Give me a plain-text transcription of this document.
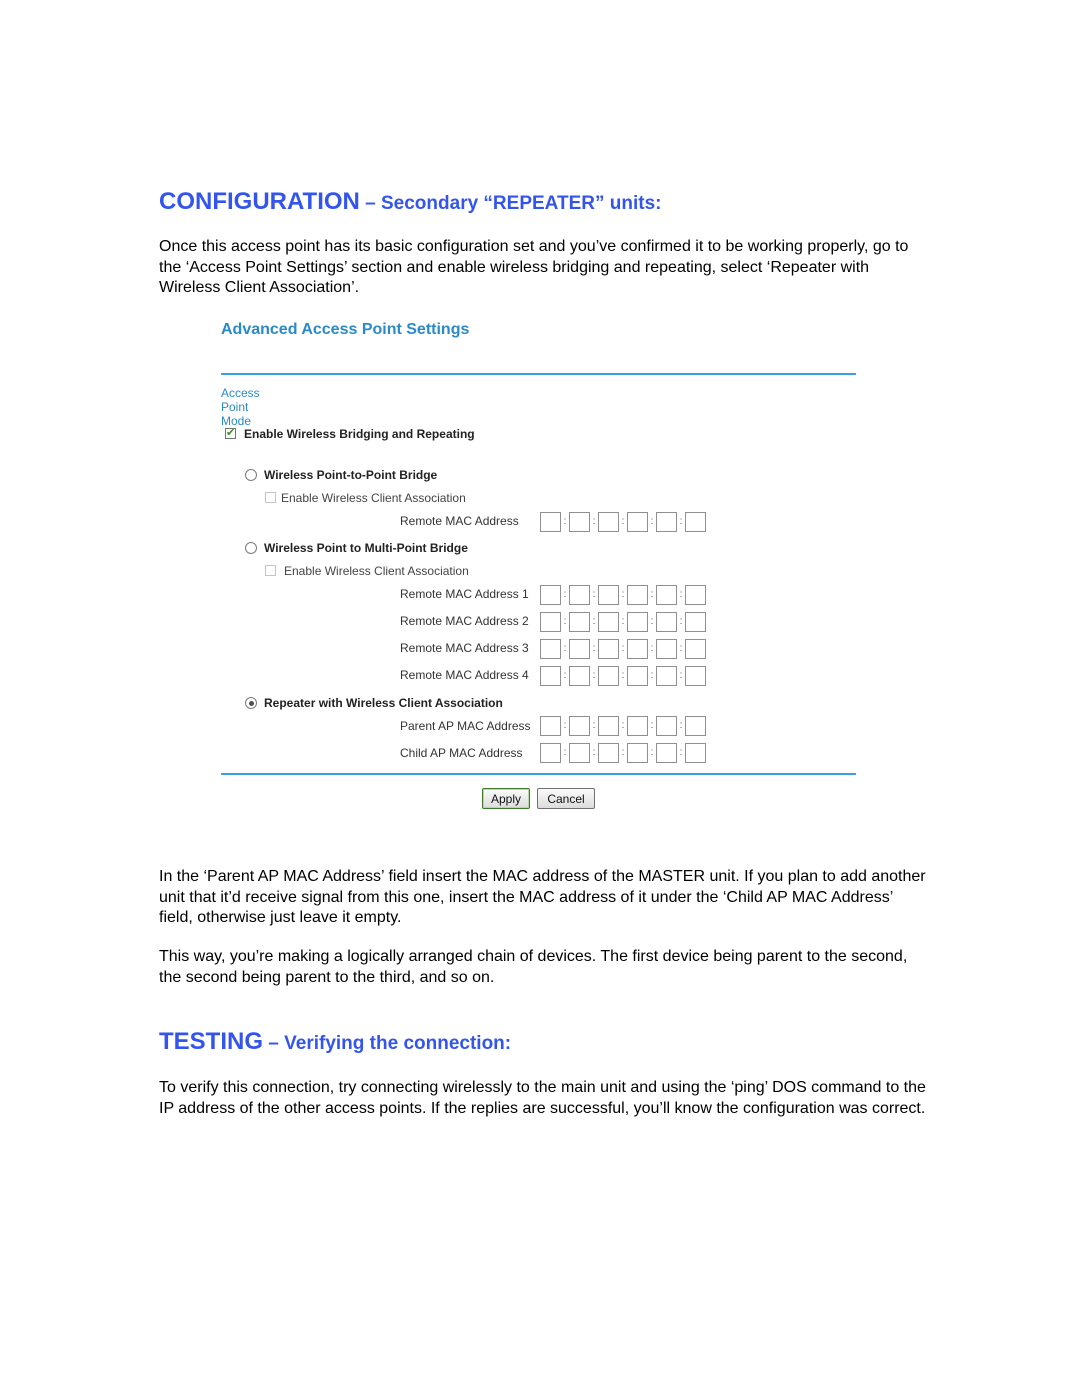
CONFIGURATION – Secondary “REPEATER” units:

Once this access point has its basic configuration set and you’ve confirmed it to be working properly, go to the ‘Access Point Settings’ section and enable wireless bridging and repeating, select ‘Repeater with Wireless Client Association’.

Advanced Access Point Settings
Access Point Mode
✔
Enable Wireless Bridging and Repeating
Wireless Point-to-Point Bridge
Enable Wireless Client Association
Remote MAC Address	:	:	:	:	:
Wireless Point to Multi-Point Bridge
Enable Wireless Client Association
Remote MAC Address 1	:	:	:	:	:
Remote MAC Address 2	:	:	:	:	:
Remote MAC Address 3	:	:	:	:	:
Remote MAC Address 4	:	:	:	:	:
Repeater with Wireless Client Association
Parent AP MAC Address	:	:	:	:	:
Child AP MAC Address	:	:	:	:	:
Apply	Cancel

In the ‘Parent AP MAC Address’ field insert the MAC address of the MASTER unit. If you plan to add another unit that it’d receive signal from this one, insert the MAC address of it under the ‘Child AP MAC Address’ field, otherwise just leave it empty.

This way, you’re making a logically arranged chain of devices. The first device being parent to the second, the second being parent to the third, and so on.

TESTING – Verifying the connection:

To verify this connection, try connecting wirelessly to the main unit and using the ‘ping’ DOS command to the IP address of the other access points. If the replies are successful, you’ll know the configuration was correct.
